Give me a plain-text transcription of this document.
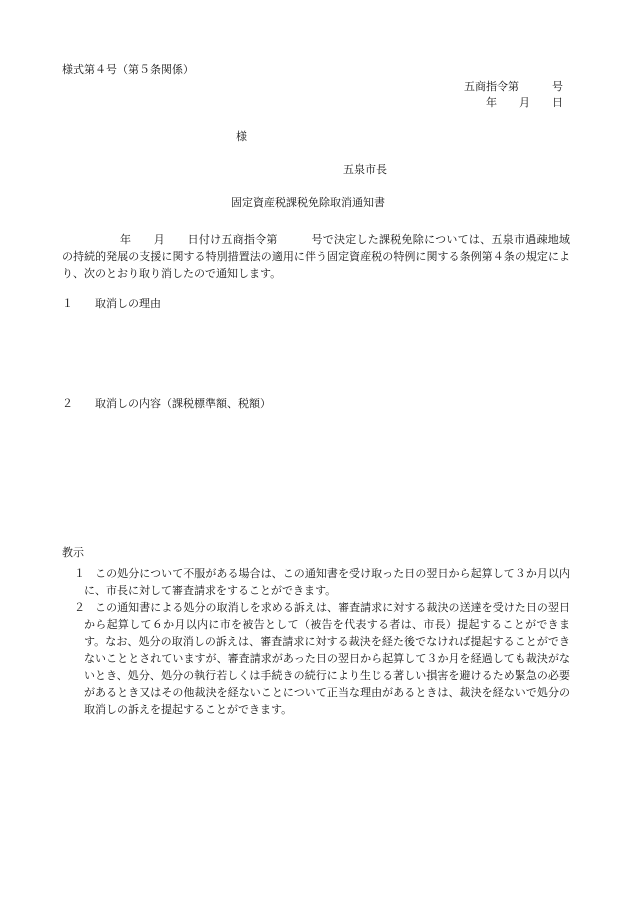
様式第４号（第５条関係）
五商指令第　　　号
年　　月　　日
様
五泉市長
固定資産税課税免除取消通知書
年　　月　　日付け五商指令第　　　号で決定した課税免除については、五泉市過疎地域の持続的発展の支援に関する特別措置法の適用に伴う固定資産税の特例に関する条例第４条の規定により、次のとおり取り消したので通知します。
１　　 取消しの理由
２　　 取消しの内容（課税標準額、税額）
教示
１
　 この処分について不服がある場合は、この通知書を受け取った日の翌日から起算して３か月以内に、市長に対して審査請求をすることができます。
２
　 この通知書による処分の取消しを求める訴えは、審査請求に対する裁決の送達を受けた日の翌日から起算して６か月以内に市を被告として（被告を代表する者は、市長）提起することができます。なお、処分の取消しの訴えは、審査請求に対する裁決を経た後でなければ提起することができないこととされていますが、審査請求があった日の翌日から起算して３か月を経過しても裁決がないとき、処分、処分の執行若しくは手続きの続行により生じる著しい損害を避けるため緊急の必要があるとき又はその他裁決を経ないことについて正当な理由があるときは、裁決を経ないで処分の取消しの訴えを提起することができます。
